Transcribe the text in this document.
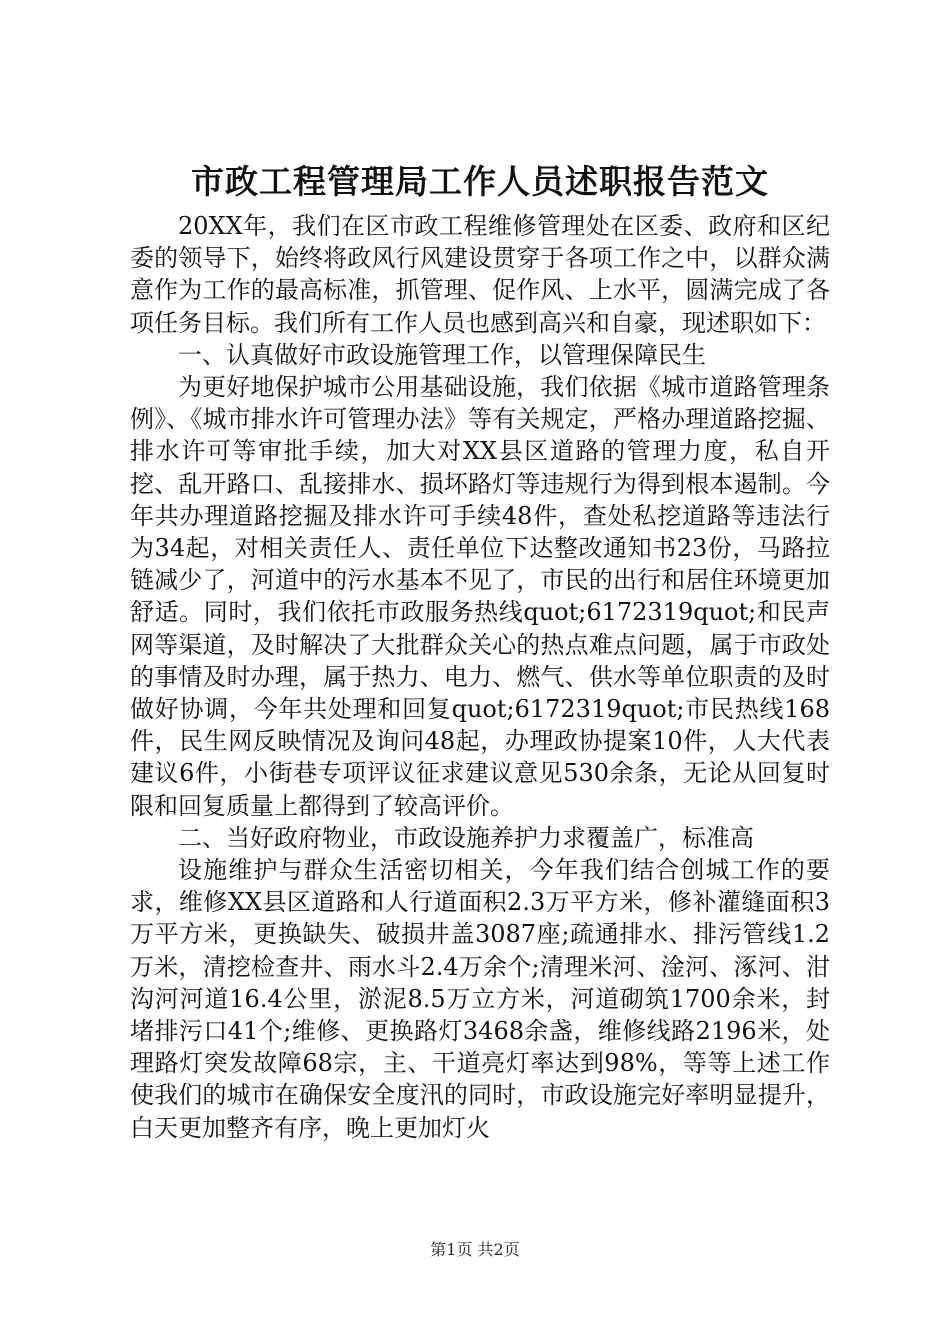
市政工程管理局工作人员述职报告范文

20XX年，我们在区市政工程维修管理处在区委、政府和区纪委的领导下，始终将政风行风建设贯穿于各项工作之中，以群众满意作为工作的最高标准，抓管理、促作风、上水平，圆满完成了各项任务目标。我们所有工作人员也感到高兴和自豪，现述职如下：

一、认真做好市政设施管理工作，以管理保障民生

为更好地保护城市公用基础设施，我们依据《城市道路管理条例》、《城市排水许可管理办法》等有关规定，严格办理道路挖掘、排水许可等审批手续，加大对XX县区道路的管理力度，私自开挖、乱开路口、乱接排水、损坏路灯等违规行为得到根本遏制。今年共办理道路挖掘及排水许可手续48件，查处私挖道路等违法行为34起，对相关责任人、责任单位下达整改通知书23份，马路拉链减少了，河道中的污水基本不见了，市民的出行和居住环境更加舒适。同时，我们依托市政服务热线quot;6172319quot;和民声网等渠道，及时解决了大批群众关心的热点难点问题，属于市政处的事情及时办理，属于热力、电力、燃气、供水等单位职责的及时做好协调，今年共处理和回复quot;6172319quot;市民热线168件，民生网反映情况及询问48起，办理政协提案10件，人大代表建议6件，小街巷专项评议征求建议意见530余条，无论从回复时限和回复质量上都得到了较高评价。

二、当好政府物业，市政设施养护力求覆盖广，标准高

设施维护与群众生活密切相关，今年我们结合创城工作的要求，维修XX县区道路和人行道面积2.3万平方米，修补灌缝面积3万平方米，更换缺失、破损井盖3087座;疏通排水、排污管线1.2万米，清挖检查井、雨水斗2.4万余个;清理米河、淦河、涿河、泔沟河河道16.4公里，淤泥8.5万立方米，河道砌筑1700余米，封堵排污口41个;维修、更换路灯3468余盏，维修线路2196米，处理路灯突发故障68宗，主、干道亮灯率达到98%，等等上述工作使我们的城市在确保安全度汛的同时，市政设施完好率明显提升，白天更加整齐有序，晚上更加灯火

第1页 共2页
